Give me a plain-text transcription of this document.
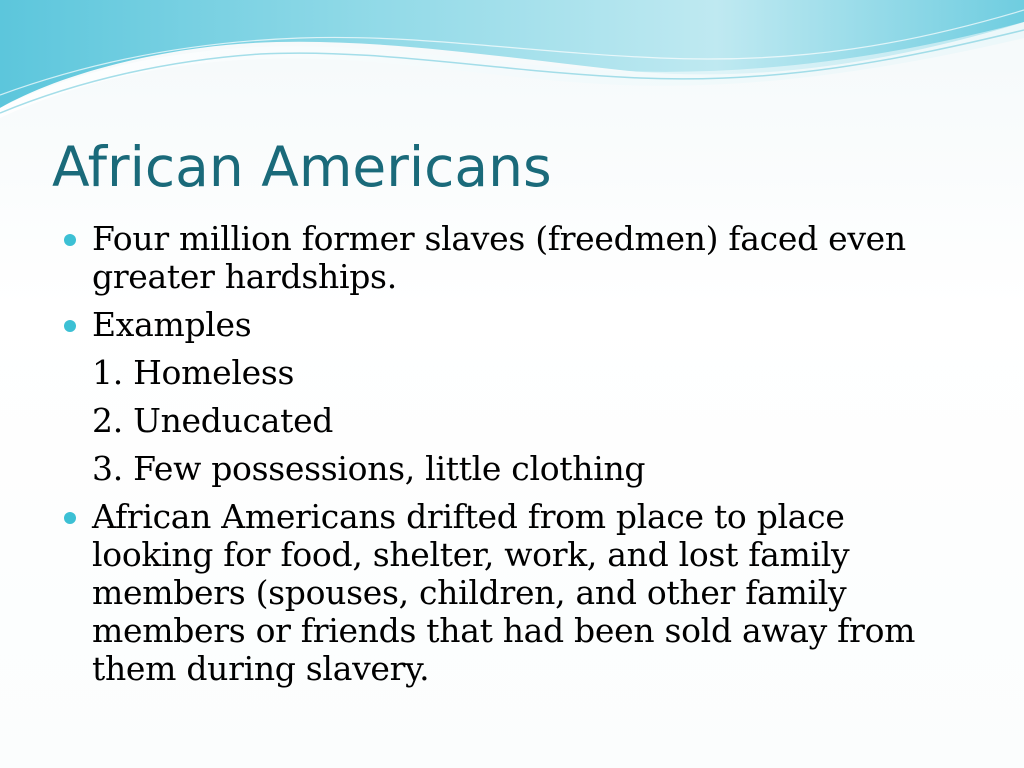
African Americans
Four million former slaves (freedmen) faced even greater hardships.
Examples
1. Homeless
2. Uneducated
3. Few possessions, little clothing
African Americans drifted from place to place looking for food, shelter, work, and lost family members (spouses, children, and other family members or friends that had been sold away from them during slavery.
